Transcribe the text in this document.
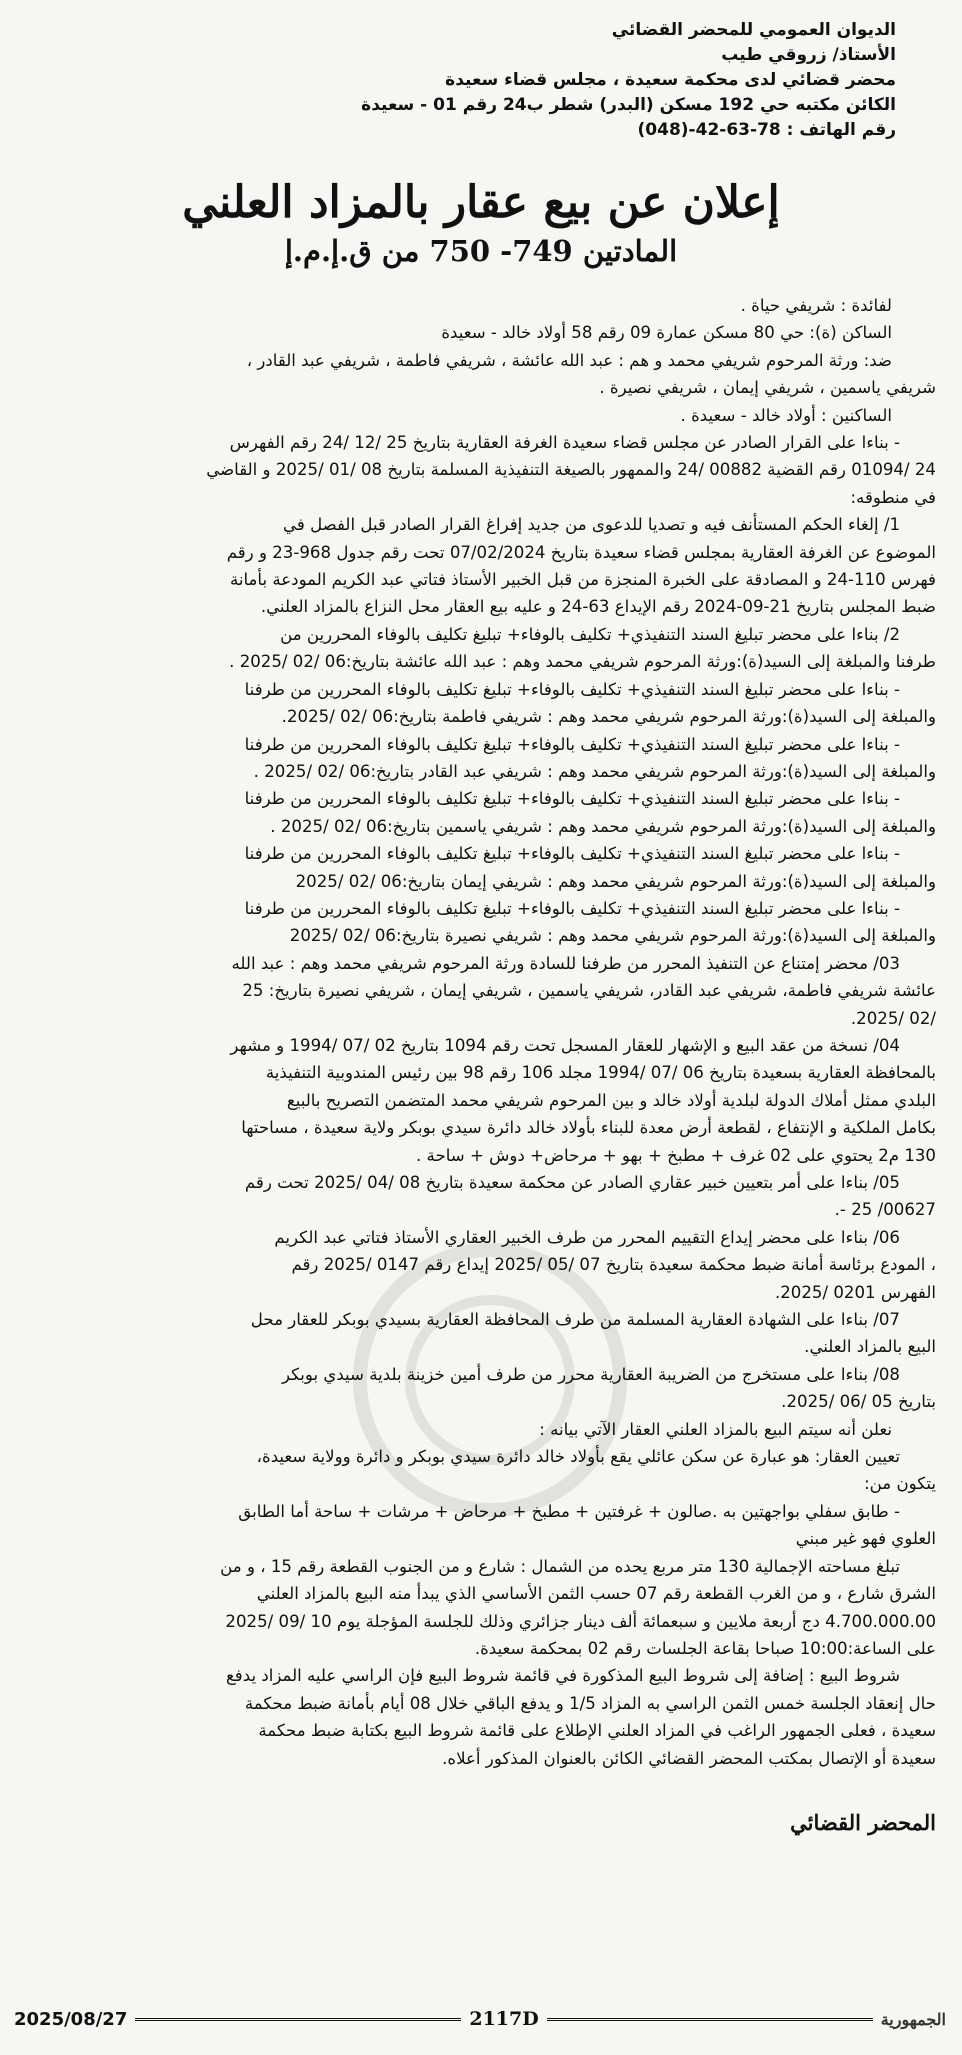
الديوان العمومي للمحضر القضائي
الأستاذ/ زروقي طيب
محضر قضائي لدى محكمة سعيدة ، مجلس قضاء سعيدة
الكائن مكتبه حي 192 مسكن (البدر) شطر ب24 رقم 01 - سعيدة
رقم الهاتف : 78-63-42-(048)
إعلان عن بيع عقار بالمزاد العلني
المادتين 749- 750 من ق.إ.م.إ

لفائدة : شريفي حياة .

الساكن (ة): حي 80 مسكن عمارة 09 رقم 58 أولاد خالد - سعيدة

ضد: ورثة المرحوم شريفي محمد و هم : عبد الله عائشة ، شريفي فاطمة ، شريفي عبد القادر ،

شريفي ياسمين ، شريفي إيمان ، شريفي نصيرة .

الساكنين : أولاد خالد - سعيدة .

- بناءا على القرار الصادر عن مجلس قضاء سعيدة الغرفة العقارية بتاريخ 25 /12 /24 رقم الفهرس

24 /01094 رقم القضية 00882 /24 والممهور بالصيغة التنفيذية المسلمة بتاريخ 08 /01 /2025 و القاضي

في منطوقه:

1/ إلغاء الحكم المستأنف فيه و تصديا للدعوى من جديد إفراغ القرار الصادر قبل الفصل في

الموضوع عن الغرفة العقارية بمجلس قضاء سعيدة بتاريخ 07/02/2024 تحت رقم جدول 968-23 و رقم

فهرس 110-24 و المصادقة على الخبرة المنجزة من قبل الخبير الأستاذ فتاتي عبد الكريم المودعة بأمانة

ضبط المجلس بتاريخ 21-09-2024 رقم الإيداع 63-24 و عليه بيع العقار محل النزاع بالمزاد العلني.

2/ بناءا على محضر تبليغ السند التنفيذي+ تكليف بالوفاء+ تبليغ تكليف بالوفاء المحررين من

طرفنا والمبلغة إلى السيد(ة):ورثة المرحوم شريفي محمد وهم : عبد الله عائشة بتاريخ:06 /02 /2025 .

- بناءا على محضر تبليغ السند التنفيذي+ تكليف بالوفاء+ تبليغ تكليف بالوفاء المحررين من طرفنا

والمبلغة إلى السيد(ة):ورثة المرحوم شريفي محمد وهم : شريفي فاطمة بتاريخ:06 /02 /2025.

- بناءا على محضر تبليغ السند التنفيذي+ تكليف بالوفاء+ تبليغ تكليف بالوفاء المحررين من طرفنا

والمبلغة إلى السيد(ة):ورثة المرحوم شريفي محمد وهم : شريفي عبد القادر بتاريخ:06 /02 /2025 .

- بناءا على محضر تبليغ السند التنفيذي+ تكليف بالوفاء+ تبليغ تكليف بالوفاء المحررين من طرفنا

والمبلغة إلى السيد(ة):ورثة المرحوم شريفي محمد وهم : شريفي ياسمين بتاريخ:06 /02 /2025 .

- بناءا على محضر تبليغ السند التنفيذي+ تكليف بالوفاء+ تبليغ تكليف بالوفاء المحررين من طرفنا

والمبلغة إلى السيد(ة):ورثة المرحوم شريفي محمد وهم : شريفي إيمان بتاريخ:06 /02 /2025

- بناءا على محضر تبليغ السند التنفيذي+ تكليف بالوفاء+ تبليغ تكليف بالوفاء المحررين من طرفنا

والمبلغة إلى السيد(ة):ورثة المرحوم شريفي محمد وهم : شريفي نصيرة بتاريخ:06 /02 /2025

03/ محضر إمتناع عن التنفيذ المحرر من طرفنا للسادة ورثة المرحوم شريفي محمد وهم : عبد الله

عائشة شريفي فاطمة، شريفي عبد القادر، شريفي ياسمين ، شريفي إيمان ، شريفي نصيرة بتاريخ: 25

/02 /2025.

04/ نسخة من عقد البيع و الإشهار للعقار المسجل تحت رقم 1094 بتاريخ 02 /07 /1994 و مشهر

بالمحافظة العقارية بسعيدة بتاريخ 06 /07 /1994 مجلد 106 رقم 98 بين رئيس المندوبية التنفيذية

البلدي ممثل أملاك الدولة لبلدية أولاد خالد و بين المرحوم شريفي محمد المتضمن التصريح بالبيع

بكامل الملكية و الإنتفاع ، لقطعة أرض معدة للبناء بأولاد خالد دائرة سيدي بوبكر ولاية سعيدة ، مساحتها

130 م2 يحتوي على 02 غرف + مطبخ + بهو + مرحاض+ دوش + ساحة .

05/ بناءا على أمر بتعيين خبير عقاري الصادر عن محكمة سعيدة بتاريخ 08 /04 /2025 تحت رقم

00627/ 25 -.

06/ بناءا على محضر إيداع التقييم المحرر من طرف الخبير العقاري الأستاذ فتاتي عبد الكريم

، المودع برئاسة أمانة ضبط محكمة سعيدة بتاريخ 07 /05 /2025 إيداع رقم 0147 /2025 رقم

الفهرس 0201 /2025.

07/ بناءا على الشهادة العقارية المسلمة من طرف المحافظة العقارية بسيدي بوبكر للعقار محل

البيع بالمزاد العلني.

08/ بناءا على مستخرج من الضريبة العقارية محرر من طرف أمين خزينة بلدية سيدي بوبكر

بتاريخ 05 /06 /2025.

نعلن أنه سيتم البيع بالمزاد العلني العقار الآتي بيانه :

تعيين العقار: هو عبارة عن سكن عائلي يقع بأولاد خالد دائرة سيدي بوبكر و دائرة وولاية سعيدة،

يتكون من:

- طابق سفلي بواجهتين به .صالون + غرفتين + مطبخ + مرحاض + مرشات + ساحة أما الطابق

العلوي فهو غير مبني

تبلغ مساحته الإجمالية 130 متر مربع يحده من الشمال : شارع و من الجنوب القطعة رقم 15 ، و من

الشرق شارع ، و من الغرب القطعة رقم 07 حسب الثمن الأساسي الذي يبدأ منه البيع بالمزاد العلني

4.700.000.00 دج أربعة ملايين و سبعمائة ألف دينار جزائري وذلك للجلسة المؤجلة يوم 10 /09 /2025

على الساعة:10:00 صباحا بقاعة الجلسات رقم 02 بمحكمة سعيدة.

شروط البيع : إضافة إلى شروط البيع المذكورة في قائمة شروط البيع فإن الراسي عليه المزاد يدفع

حال إنعقاد الجلسة خمس الثمن الراسي به المزاد 1/5 و يدفع الباقي خلال 08 أيام بأمانة ضبط محكمة

سعيدة ، فعلى الجمهور الراغب في المزاد العلني الإطلاع على قائمة شروط البيع بكتابة ضبط محكمة

سعيدة أو الإتصال بمكتب المحضر القضائي الكائن بالعنوان المذكور أعلاه.

المحضر القضائي
2025/08/27	2117D	الجمهورية
